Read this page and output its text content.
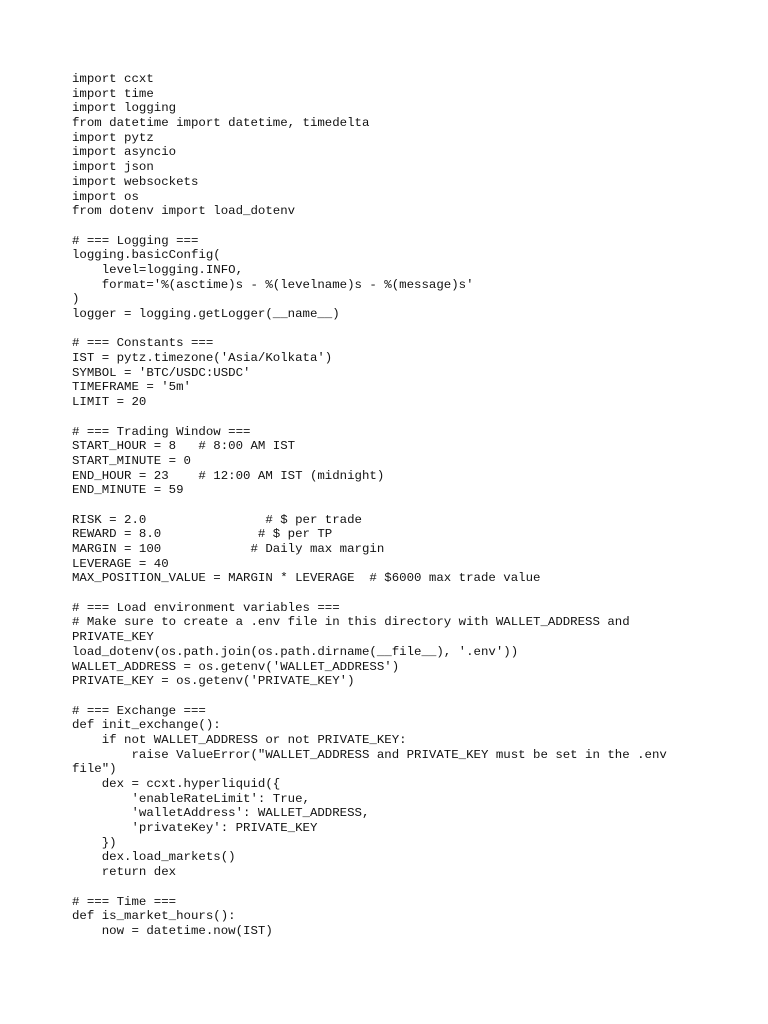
import ccxt
import time
import logging
from datetime import datetime, timedelta
import pytz
import asyncio
import json
import websockets
import os
from dotenv import load_dotenv
# === Logging ===
logging.basicConfig(
level=logging.INFO,
format='%(asctime)s - %(levelname)s - %(message)s'
)
logger = logging.getLogger(__name__)
# === Constants ===
IST = pytz.timezone('Asia/Kolkata')
SYMBOL = 'BTC/USDC:USDC'
TIMEFRAME = '5m'
LIMIT = 20
# === Trading Window ===
START_HOUR = 8   # 8:00 AM IST
START_MINUTE = 0
END_HOUR = 23    # 12:00 AM IST (midnight)
END_MINUTE = 59
RISK = 2.0                # $ per trade
REWARD = 8.0             # $ per TP
MARGIN = 100            # Daily max margin
LEVERAGE = 40
MAX_POSITION_VALUE = MARGIN * LEVERAGE  # $6000 max trade value
# === Load environment variables ===
# Make sure to create a .env file in this directory with WALLET_ADDRESS and
PRIVATE_KEY
load_dotenv(os.path.join(os.path.dirname(__file__), '.env'))
WALLET_ADDRESS = os.getenv('WALLET_ADDRESS')
PRIVATE_KEY = os.getenv('PRIVATE_KEY')
# === Exchange ===
def init_exchange():
if not WALLET_ADDRESS or not PRIVATE_KEY:
raise ValueError("WALLET_ADDRESS and PRIVATE_KEY must be set in the .env
file")
dex = ccxt.hyperliquid({
'enableRateLimit': True,
'walletAddress': WALLET_ADDRESS,
'privateKey': PRIVATE_KEY
})
dex.load_markets()
return dex
# === Time ===
def is_market_hours():
now = datetime.now(IST)
